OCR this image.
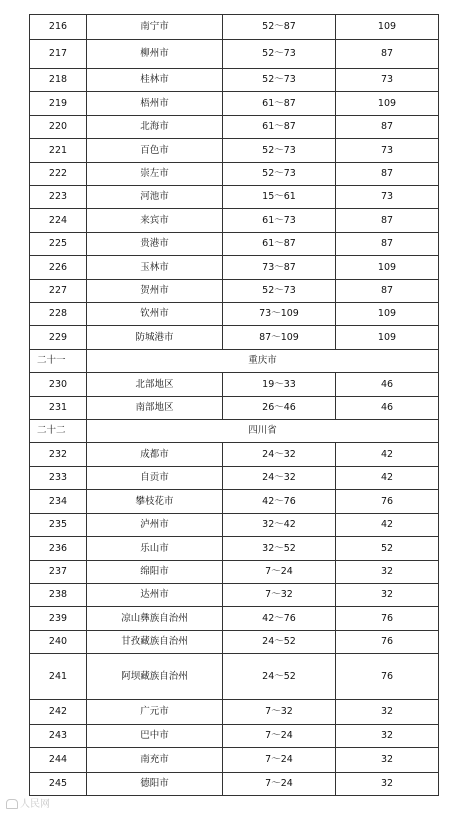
216	南宁市	52～87	109
217	柳州市	52～73	87
218	桂林市	52～73	73
219	梧州市	61～87	109
220	北海市	61～87	87
221	百色市	52～73	73
222	崇左市	52～73	87
223	河池市	15～61	73
224	来宾市	61～73	87
225	贵港市	61～87	87
226	玉林市	73～87	109
227	贺州市	52～73	87
228	钦州市	73～109	109
229	防城港市	87～109	109
二十一	重庆市		
230	北部地区	19～33	46
231	南部地区	26～46	46
二十二	四川省		
232	成都市	24～32	42
233	自贡市	24～32	42
234	攀枝花市	42～76	76
235	泸州市	32～42	42
236	乐山市	32～52	52
237	绵阳市	7～24	32
238	达州市	7～32	32
239	凉山彝族自治州	42～76	76
240	甘孜藏族自治州	24～52	76
241	阿坝藏族自治州	24～52	76
242	广元市	7～32	32
243	巴中市	7～24	32
244	南充市	7～24	32
245	德阳市	7～24	32
人民网
